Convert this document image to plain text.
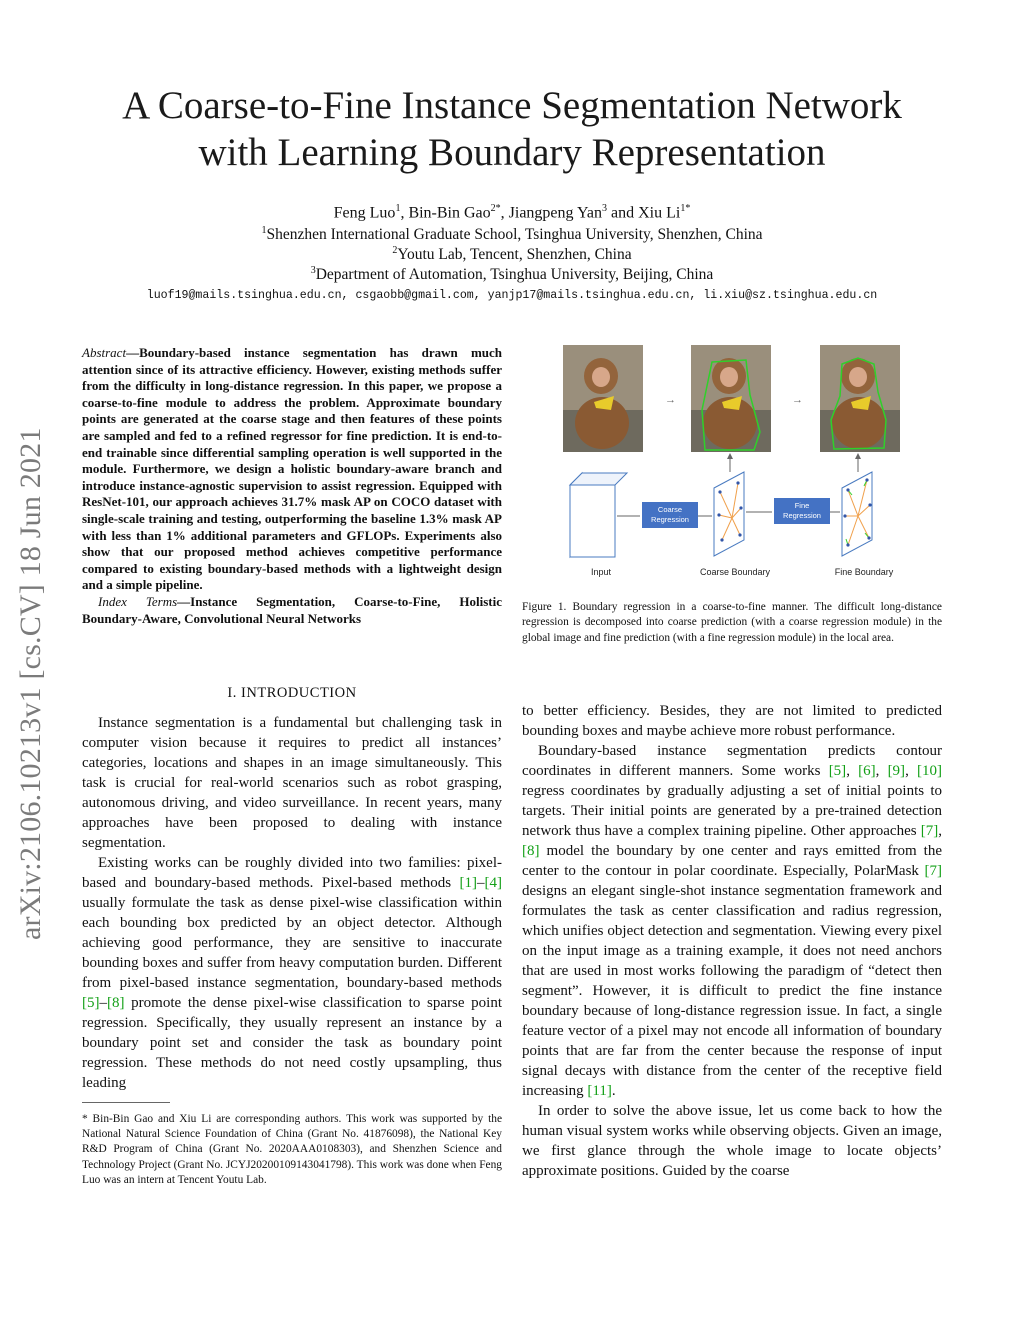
arXiv:2106.10213v1 [cs.CV] 18 Jun 2021
A Coarse-to-Fine Instance Segmentation Network
with Learning Boundary Representation
Feng Luo$^1$, Bin-Bin Gao$^{2*}$, Jiangpeng Yan$^3$ and Xiu $Li^{1*}$
$^1$Shenzhen International Graduate School, Tsinghua University, Shenzhen, China
$^2$Youtu Lab, Tencent, Shenzhen, China
$^3$Department of Automation, Tsinghua University, Beijing, China
luof19@mails.tsinghua.edu.cn, csgaobb@gmail.com, yanjp17@mails.tsinghua.edu.cn, li.xiu@sz.tsinghua.edu.cn

Abstract—Boundary-based instance segmentation has drawn much attention since of its attractive efficiency. However, existing methods suffer from the difficulty in long-distance regression. In this paper, we propose a coarse-to-fine module to address the problem. Approximate boundary points are generated at the coarse stage and then features of these points are sampled and fed to a refined regressor for fine prediction. It is end-to-end trainable since differential sampling operation is well supported in the module. Furthermore, we design a holistic boundary-aware branch and introduce instance-agnostic supervision to assist regression. Equipped with ResNet-101, our approach achieves 31.7% mask AP on COCO dataset with single-scale training and testing, outperforming the baseline 1.3% mask AP with less than 1% additional parameters and GFLOPs. Experiments also show that our proposed method achieves competitive performance compared to existing boundary-based methods with a lightweight design and a simple pipeline.

Index Terms—Instance Segmentation, Coarse-to-Fine, Holistic Boundary-Aware, Convolutional Neural Networks

I. INTRODUCTION

Instance segmentation is a fundamental but challenging task in computer vision because it requires to predict all instances’ categories, locations and shapes in an image simultaneously. This task is crucial for real-world scenarios such as robot grasping, autonomous driving, and video surveillance. In recent years, many approaches have been proposed to dealing with instance segmentation.

Existing works can be roughly divided into two families: pixel-based and boundary-based methods. Pixel-based methods [1]–[4] usually formulate the task as dense pixel-wise classification within each bounding box predicted by an object detector. Although achieving good performance, they are sensitive to inaccurate bounding boxes and suffer from heavy computation burden. Different from pixel-based instance segmentation, boundary-based methods [5]–[8] promote the dense pixel-wise classification to sparse point regression. Specifically, they usually represent an instance by a boundary point set and consider the task as boundary point regression. These methods do not need costly upsampling, thus leading

* Bin-Bin Gao and Xiu Li are corresponding authors. This work was supported by the National Natural Science Foundation of China (Grant No. 41876098), the National Key R&D Program of China (Grant No. 2020AAA0108303), and Shenzhen Science and Technology Project (Grant No. JCYJ20200109143041798). This work was done when Feng Luo was an intern at Tencent Youtu Lab.
→	→
Coarse
Regression
Fine
Regression
Input	Coarse Boundary	Fine Boundary
Figure 1. Boundary regression in a coarse-to-fine manner. The difficult long-distance regression is decomposed into coarse prediction (with a coarse regression module) in the global image and fine prediction (with a fine regression module) in the local area.

to better efficiency. Besides, they are not limited to predicted bounding boxes and maybe achieve more robust performance.

Boundary-based instance segmentation predicts contour coordinates in different manners. Some works [5], [6], [9], [10] regress coordinates by gradually adjusting a set of initial points to targets. Their initial points are generated by a pre-trained detection network thus have a complex training pipeline. Other approaches [7], [8] model the boundary by one center and rays emitted from the center to the contour in polar coordinate. Especially, PolarMask [7] designs an elegant single-shot instance segmentation framework and formulates the task as center classification and radius regression, which unifies object detection and segmentation. Viewing every pixel on the input image as a training example, it does not need anchors that are used in most works following the paradigm of “detect then segment”. However, it is difficult to predict the fine instance boundary because of long-distance regression issue. In fact, a single feature vector of a pixel may not encode all information of boundary points that are far from the center because the response of input signal decays with distance from the center of the receptive field increasing [11].

In order to solve the above issue, let us come back to how the human visual system works while observing objects. Given an image, we first glance through the whole image to locate objects’ approximate positions. Guided by the coarse
